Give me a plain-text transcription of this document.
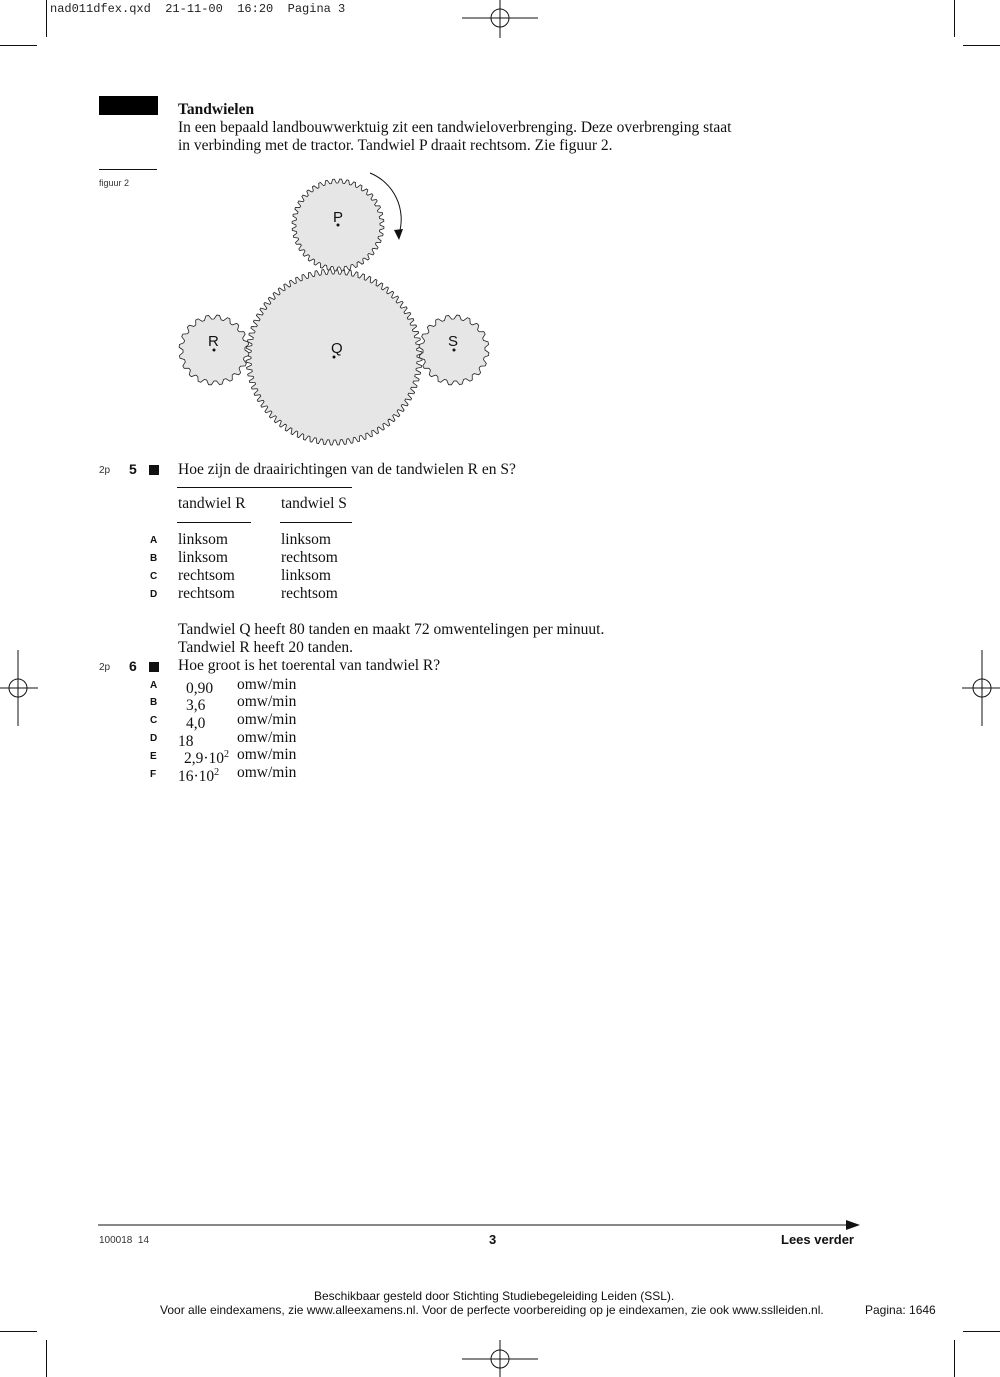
nad011dfex.qxd  21-11-00  16:20  Pagina 3
Tandwielen
In een bepaald landbouwwerktuig zit een tandwieloverbrenging. Deze overbrenging staat
in verbinding met de tractor. Tandwiel P draait rechtsom. Zie figuur 2.
figuur 2
P
Q
R	S
2p 5	Hoe zijn de draairichtingen van de tandwielen R en S?
tandwiel R tandwiel S
A	linksom	linksom
B	linksom	rechtsom
C	rechtsom	linksom
D	rechtsom	rechtsom
Tandwiel Q heeft 80 tanden en maakt 72 omwentelingen per minuut.
Tandwiel R heeft 20 tanden.
2p 6	Hoe groot is het toerental van tandwiel R?
A	0,90 omw/min
B	3,6 omw/min
C	4,0 omw/min
D	18	omw/min
E	$2,9\cdot 10^2$ omw/min
F	$16\cdot 10^2$ omw/min
100018  14	3	Lees verder
Beschikbaar gesteld door Stichting Studiebegeleiding Leiden (SSL).
Voor alle eindexamens, zie www.alleexamens.nl. Voor de perfecte voorbereiding op je eindexamen, zie ook www.sslleiden.nl.	Pagina: 1646
